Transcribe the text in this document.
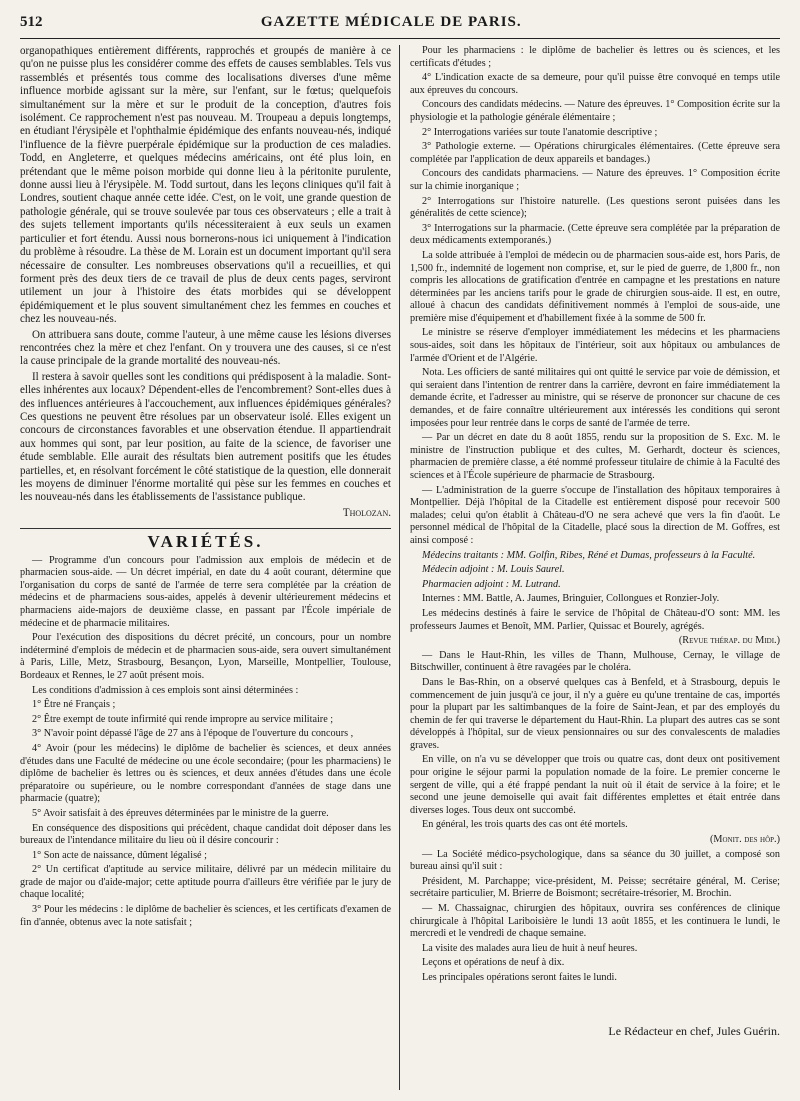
512	GAZETTE MÉDICALE DE PARIS.

organopathiques entièrement différents, rapprochés et groupés de manière à ce qu'on ne puisse plus les considérer comme des effets de causes semblables. Tels vus rassemblés et présentés tous comme des localisations diverses d'une même influence morbide agissant sur la mère, sur l'enfant, sur le fœtus; quelquefois simultanément sur la mère et sur le produit de la conception, d'autres fois isolément. Ce rapprochement n'est pas nouveau. M. Troupeau a depuis longtemps, en étudiant l'érysipèle et l'ophthalmie épidémique des enfants nouveau-nés, indiqué l'influence de la fièvre puerpérale épidémique sur la production de ces maladies. Todd, en Angleterre, et quelques médecins américains, ont été plus loin, en prétendant que le même poison morbide qui donne lieu à la péritonite purulente, donne aussi lieu à l'érysipèle. M. Todd surtout, dans les leçons cliniques qu'il fait à Londres, soutient chaque année cette idée. C'est, on le voit, une grande question de pathologie générale, qui se trouve soulevée par tous ces observateurs ; elle a trait à des sujets tellement importants qu'ils nécessiteraient à eux seuls un examen particulier et fort étendu. Aussi nous bornerons-nous ici uniquement à l'indication du problème à résoudre. La thèse de M. Lorain est un document important qu'il sera nécessaire de consulter. Les nombreuses observations qu'il a recueillies, et qui forment près des deux tiers de ce travail de plus de deux cents pages, serviront utilement un jour à l'histoire des états morbides qui se développent épidémiquement et le plus souvent simultanément chez les femmes en couches et chez les nouveau-nés.

On attribuera sans doute, comme l'auteur, à une même cause les lésions diverses rencontrées chez la mère et chez l'enfant. On y trouvera une des causes, si ce n'est la cause principale de la grande mortalité des nouveau-nés.

Il restera à savoir quelles sont les conditions qui prédisposent à la maladie. Sont-elles inhérentes aux locaux? Dépendent-elles de l'encombrement? Sont-elles dues à des influences antérieures à l'accouchement, aux influences épidémiques générales? Ces questions ne peuvent être résolues par un observateur isolé. Elles exigent un concours de circonstances favorables et une observation étendue. Il appartiendrait aux hommes qui sont, par leur position, au faite de la science, de favoriser une étude semblable. Elle aurait des résultats bien autrement positifs que les études partielles, et, en résolvant forcément le côté statistique de la question, elle donnerait les moyens de diminuer l'énorme mortalité qui pèse sur les femmes en couches et les nouveau-nés dans les établissements de l'assistance publique.

Tholozan.

VARIÉTÉS.

— Programme d'un concours pour l'admission aux emplois de médecin et de pharmacien sous-aide. — Un décret impérial, en date du 4 août courant, détermine que l'organisation du corps de santé de l'armée de terre sera complétée par la création de médecins et de pharmaciens sous-aides, appelés à devenir ultérieurement médecins et pharmaciens aide-majors de deuxième classe, en passant par l'École impériale de médecine et de pharmacie militaires.

Pour l'exécution des dispositions du décret précité, un concours, pour un nombre indéterminé d'emplois de médecin et de pharmacien sous-aide, sera ouvert simultanément à Paris, Lille, Metz, Strasbourg, Besançon, Lyon, Marseille, Montpellier, Toulouse, Bordeaux et Rennes, le 27 août présent mois.

Les conditions d'admission à ces emplois sont ainsi déterminées :

1° Être né Français ;

2° Être exempt de toute infirmité qui rende impropre au service militaire ;

3° N'avoir point dépassé l'âge de 27 ans à l'époque de l'ouverture du concours ,

4° Avoir (pour les médecins) le diplôme de bachelier ès sciences, et deux années d'études dans une Faculté de médecine ou une école secondaire; (pour les pharmaciens) le diplôme de bachelier ès lettres ou ès sciences, et deux années d'études dans une école préparatoire ou supérieure, ou le nombre correspondant d'années de stage dans une pharmacie (quatre);

5° Avoir satisfait à des épreuves déterminées par le ministre de la guerre.

En conséquence des dispositions qui précèdent, chaque candidat doit déposer dans les bureaux de l'intendance militaire du lieu où il désire concourir :

1° Son acte de naissance, dûment légalisé ;

2° Un certificat d'aptitude au service militaire, délivré par un médecin militaire du grade de major ou d'aide-major; cette aptitude pourra d'ailleurs être vérifiée par le jury de chaque localité;

3° Pour les médecins : le diplôme de bachelier ès sciences, et les certificats d'examen de fin d'année, obtenus avec la note satisfait ;

Pour les pharmaciens : le diplôme de bachelier ès lettres ou ès sciences, et les certificats d'études ;

4° L'indication exacte de sa demeure, pour qu'il puisse être convoqué en temps utile aux épreuves du concours.

Concours des candidats médecins. — Nature des épreuves. 1° Composition écrite sur la physiologie et la pathologie générale élémentaire ;

2° Interrogations variées sur toute l'anatomie descriptive ;

3° Pathologie externe. — Opérations chirurgicales élémentaires. (Cette épreuve sera complétée par l'application de deux appareils et bandages.)

Concours des candidats pharmaciens. — Nature des épreuves. 1° Composition écrite sur la chimie inorganique ;

2° Interrogations sur l'histoire naturelle. (Les questions seront puisées dans les généralités de cette science);

3° Interrogations sur la pharmacie. (Cette épreuve sera complétée par la préparation de deux médicaments extemporanés.)

La solde attribuée à l'emploi de médecin ou de pharmacien sous-aide est, hors Paris, de 1,500 fr., indemnité de logement non comprise, et, sur le pied de guerre, de 1,800 fr., non compris les allocations de gratification d'entrée en campagne et les prestations en nature déterminées par les anciens tarifs pour le grade de chirurgien sous-aide. Il est, en outre, alloué à chacun des candidats définitivement nommés à l'emploi de sous-aide, une première mise d'équipement et d'habillement fixée à la somme de 500 fr.

Le ministre se réserve d'employer immédiatement les médecins et les pharmaciens sous-aides, soit dans les hôpitaux de l'intérieur, soit aux hôpitaux ou ambulances de l'armée d'Orient et de l'Algérie.

Nota. Les officiers de santé militaires qui ont quitté le service par voie de démission, et qui seraient dans l'intention de rentrer dans la carrière, devront en faire immédiatement la demande écrite, et l'adresser au ministre, qui se réserve de prononcer sur chacune de ces demandes, et de faire connaître ultérieurement aux intéressés les conditions qui seront imposées pour leur rentrée dans le corps de santé de l'armée de terre.

— Par un décret en date du 8 août 1855, rendu sur la proposition de S. Exc. M. le ministre de l'instruction publique et des cultes, M. Gerhardt, docteur ès sciences, pharmacien de première classe, a été nommé professeur titulaire de chimie à la Faculté des sciences et à l'École supérieure de pharmacie de Strasbourg.

— L'administration de la guerre s'occupe de l'installation des hôpitaux temporaires à Montpellier. Déjà l'hôpital de la Citadelle est entièrement disposé pour recevoir 500 malades; celui qu'on établit à Château-d'O ne sera achevé que vers la fin d'août. Le personnel médical de l'hôpital de la Citadelle, placé sous la direction de M. Goffres, est ainsi composé :

Médecins traitants : MM. Golfin, Ribes, Réné et Dumas, professeurs à la Faculté.

Médecin adjoint : M. Louis Saurel.

Pharmacien adjoint : M. Lutrand.

Internes : MM. Battle, A. Jaumes, Bringuier, Collongues et Ronzier-Joly.

Les médecins destinés à faire le service de l'hôpital de Château-d'O sont: MM. les professeurs Jaumes et Benoît, MM. Parlier, Quissac et Bourely, agrégés.

(Revue thérap. du Midi.)

— Dans le Haut-Rhin, les villes de Thann, Mulhouse, Cernay, le village de Bitschwiller, continuent à être ravagées par le choléra.

Dans le Bas-Rhin, on a observé quelques cas à Benfeld, et à Strasbourg, depuis le commencement de juin jusqu'à ce jour, il n'y a guère eu qu'une trentaine de cas, importés pour la plupart par les saltimbanques de la foire de Saint-Jean, et par des employés du chemin de fer qui traverse le département du Haut-Rhin. La plupart des autres cas se sont développés à l'hôpital, sur de vieux pensionnaires ou sur des convalescents de maladies graves.

En ville, on n'a vu se développer que trois ou quatre cas, dont deux ont positivement pour origine le séjour parmi la population nomade de la foire. Le premier concerne le sergent de ville, qui a été frappé pendant la nuit où il était de service à la foire; et le second une jeune demoiselle qui avait fait différentes emplettes et était entrée dans diverses loges. Tous deux ont succombé.

En général, les trois quarts des cas ont été mortels.

(Monit. des hôp.)

— La Société médico-psychologique, dans sa séance du 30 juillet, a composé son bureau ainsi qu'il suit :

Président, M. Parchappe; vice-président, M. Peisse; secrétaire général, M. Cerise; secrétaire particulier, M. Brierre de Boismont; secrétaire-trésorier, M. Brochin.

— M. Chassaignac, chirurgien des hôpitaux, ouvrira ses conférences de clinique chirurgicale à l'hôpital Lariboisière le lundi 13 août 1855, et les continuera le lundi, le mercredi et le vendredi de chaque semaine.

La visite des malades aura lieu de huit à neuf heures.

Leçons et opérations de neuf à dix.

Les principales opérations seront faites le lundi.

Le Rédacteur en chef, Jules Guérin.
